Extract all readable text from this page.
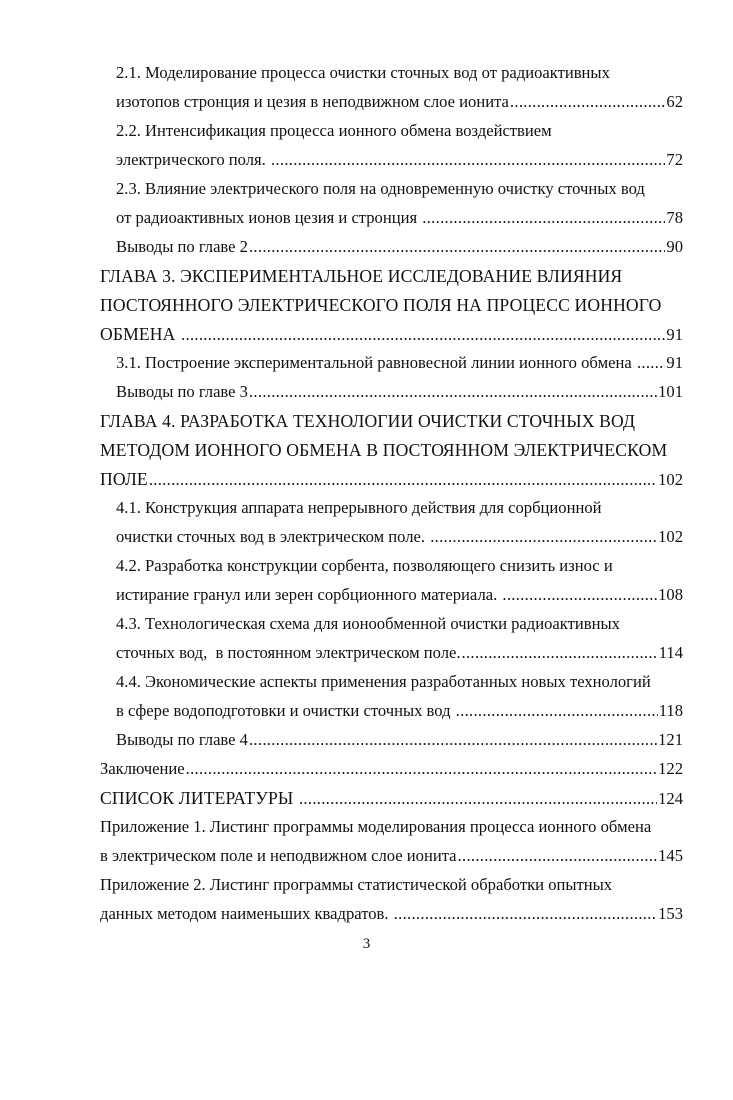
2.1. Моделирование процесса очистки сточных вод от радиоактивных
изотопов стронция и цезия в неподвижном слое ионита .....	62
2.2. Интенсификация процесса ионного обмена воздействием
электрического поля. .....	72
2.3. Влияние электрического поля на одновременную очистку сточных вод
от радиоактивных ионов цезия и стронция .....	78
Выводы по главе 2 .....	90
ГЛАВА 3. ЭКСПЕРИМЕНТАЛЬНОЕ ИССЛЕДОВАНИЕ ВЛИЯНИЯ
ПОСТОЯННОГО ЭЛЕКТРИЧЕСКОГО ПОЛЯ НА ПРОЦЕСС ИОННОГО
ОБМЕНА .....	91
3.1. Построение экспериментальной равновесной линии ионного обмена ..... 91
Выводы по главе 3 .....	101
ГЛАВА 4. РАЗРАБОТКА ТЕХНОЛОГИИ ОЧИСТКИ СТОЧНЫХ ВОД
МЕТОДОМ ИОННОГО ОБМЕНА В ПОСТОЯННОМ ЭЛЕКТРИЧЕСКОМ
ПОЛЕ .....	102
4.1. Конструкция аппарата непрерывного действия для сорбционной
очистки сточных вод в электрическом поле. .....	102
4.2. Разработка конструкции сорбента, позволяющего снизить износ и
истирание гранул или зерен сорбционного материала. .....	108
4.3. Технологическая схема для ионообменной очистки радиоактивных
сточных вод,  в постоянном электрическом поле. .....	114
4.4. Экономические аспекты применения разработанных новых технологий
в сфере водоподготовки и очистки сточных вод .....	118
Выводы по главе 4 .....	121
Заключение .....	122
СПИСОК ЛИТЕРАТУРЫ .....	124
Приложение 1. Листинг программы моделирования процесса ионного обмена
в электрическом поле и неподвижном слое ионита .....	145
Приложение 2. Листинг программы статистической обработки опытных
данных методом наименьших квадратов. .....	153
3
